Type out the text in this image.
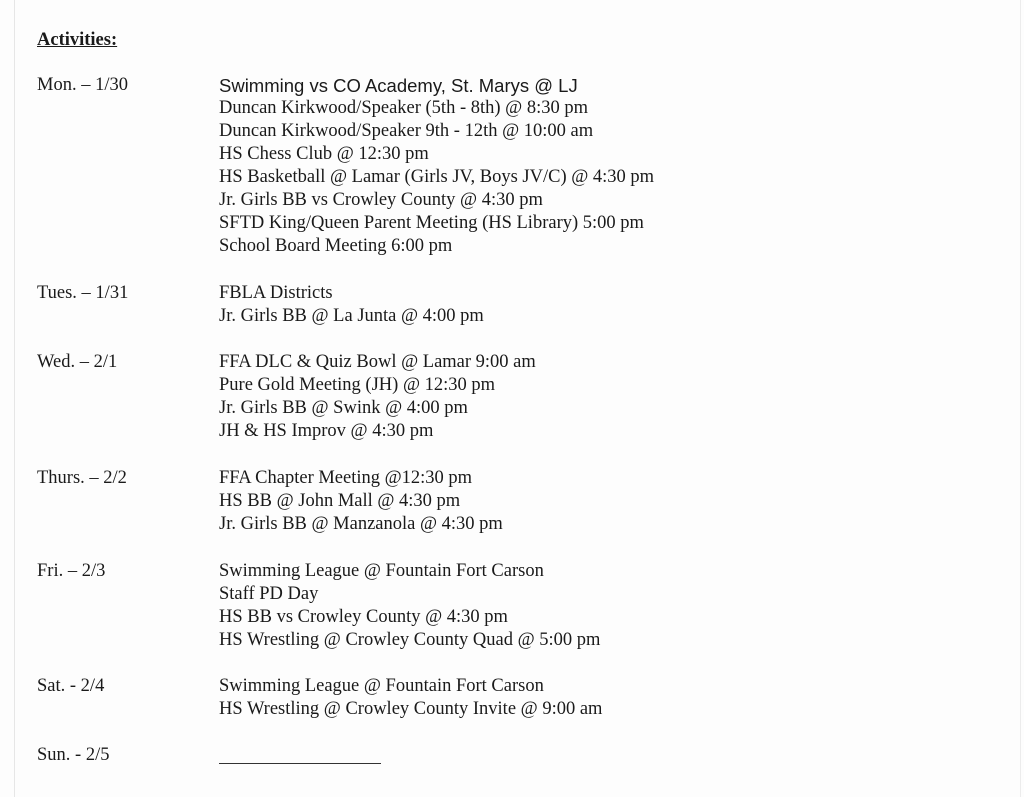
Activities:
Mon. – 1/30	Swimming vs CO Academy, St. Marys @ LJ
Duncan Kirkwood/Speaker (5th - 8th) @ 8:30 pm
Duncan Kirkwood/Speaker 9th - 12th @ 10:00 am
HS Chess Club @ 12:30 pm
HS Basketball @ Lamar (Girls JV, Boys JV/C) @ 4:30 pm
Jr. Girls BB vs Crowley County @ 4:30 pm
SFTD King/Queen Parent Meeting (HS Library) 5:00 pm
School Board Meeting 6:00 pm
Tues. – 1/31	FBLA Districts
Jr. Girls BB @ La Junta @ 4:00 pm
Wed. – 2/1	FFA DLC & Quiz Bowl @ Lamar 9:00 am
Pure Gold Meeting (JH) @ 12:30 pm
Jr. Girls BB @ Swink @ 4:00 pm
JH & HS Improv @ 4:30 pm
Thurs. – 2/2	FFA Chapter Meeting @12:30 pm
HS BB @ John Mall @ 4:30 pm
Jr. Girls BB @ Manzanola @ 4:30 pm
Fri. – 2/3	Swimming League @ Fountain Fort Carson
Staff PD Day
HS BB vs Crowley County @ 4:30 pm
HS Wrestling @ Crowley County Quad @ 5:00 pm
Sat. - 2/4	Swimming League @ Fountain Fort Carson
HS Wrestling @ Crowley County Invite @ 9:00 am
Sun. - 2/5
